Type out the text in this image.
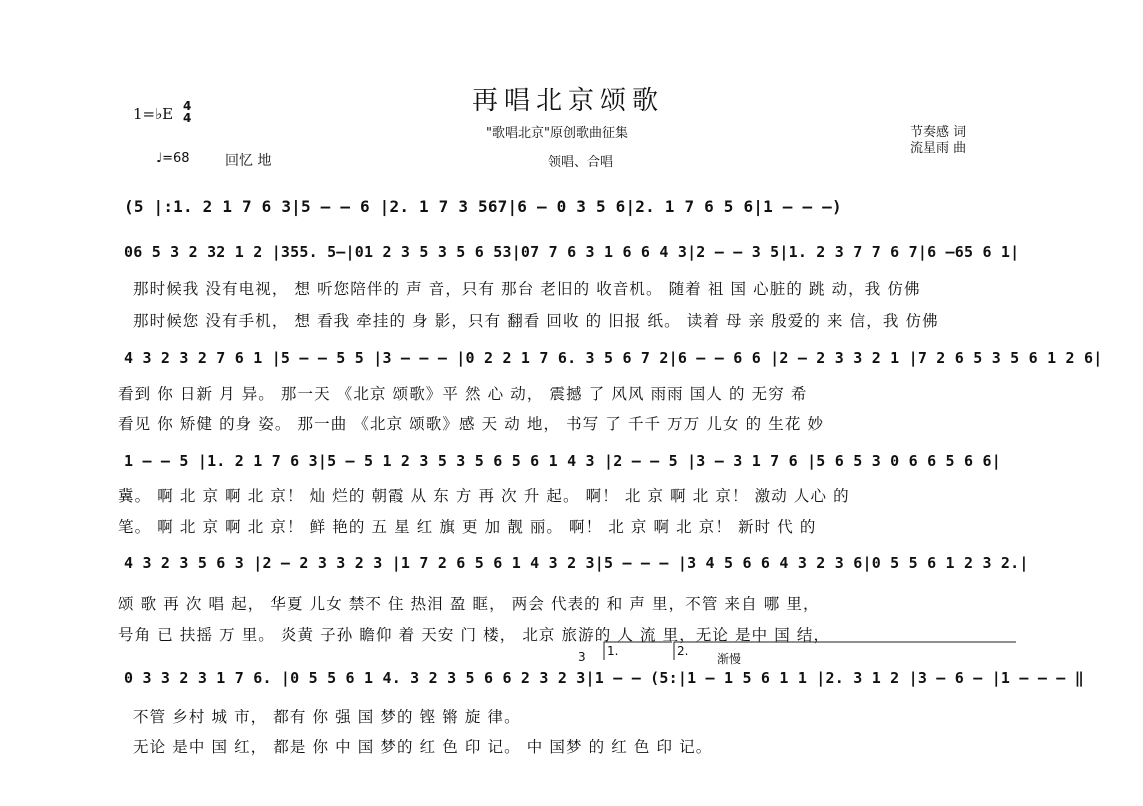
再唱北京颂歌
"歌唱北京"原创歌曲征集
领唱、合唱
1=♭E 4
4
♩=68	回忆 地
节奏感 词
流星雨 曲
(5 |:1. 2 1 7 6 3|5 – – 6 |2. 1 7 3 567|6 – 0 3 5 6|2. 1 7 6 5 6|1 – – –)
06 5 3 2 32 1 2 |355. 5–|01 2 3 5 3 5 6 53|07 7 6 3 1 6 6 4 3|2 – – 3 5|1. 2 3 7 7 6 7|6 –65 6 1|
那时候我 没有电视， 想 听您陪伴的 声 音，只有 那台 老旧的 收音机。 随着 祖 国 心脏的 跳 动，我 仿佛
那时候您 没有手机， 想 看我 牵挂的 身 影，只有 翻看 回收 的 旧报 纸。 读着 母 亲 殷爱的 来 信，我 仿佛
4 3 2 3 2 7 6 1 |5 – – 5 5 |3 – – – |0 2 2 1 7 6. 3 5 6 7 2|6 – – 6 6 |2 – 2 3 3 2 1 |7 2 6 5 3 5 6 1 2 6|
看到 你 日新 月 异。 那一天 《北京 颂歌》平 然 心 动， 震撼 了 风风 雨雨 国人 的 无穷 希
看见 你 矫健 的身 姿。 那一曲 《北京 颂歌》感 天 动 地， 书写 了 千千 万万 儿女 的 生花 妙
1 – – 5 |1. 2 1 7 6 3|5 – 5 1 2 3 5 3 5 6 5 6 1 4 3 |2 – – 5 |3 – 3 1 7 6 |5 6 5 3 0 6 6 5 6 6|
冀。 啊 北 京 啊 北 京！ 灿 烂的 朝霞 从 东 方 再 次 升 起。 啊！ 北 京 啊 北 京！ 激动 人心 的
笔。 啊 北 京 啊 北 京！ 鲜 艳的 五 星 红 旗 更 加 靓 丽。 啊！ 北 京 啊 北 京！ 新时 代 的
4 3 2 3 5 6 3 |2 – 2 3 3 2 3 |1 7 2 6 5 6 1 4 3 2 3|5 – – – |3 4 5 6 6 4 3 2 3 6|0 5 5 6 1 2 3 2.|
颂 歌 再 次 唱 起， 华夏 儿女 禁不 住 热泪 盈 眶， 两会 代表的 和 声 里，不管 来自 哪 里，
号角 已 扶摇 万 里。 炎黄 子孙 瞻仰 着 天安 门 楼， 北京 旅游的 人 流 里，无论 是中 国 结，
1.	2.
渐慢
3
0 3 3 2 3 1 7 6. |0 5 5 6 1 4. 3 2 3 5 6 6 2 3 2 3|1 – – (5:|1 – 1 5 6 1 1 |2. 3 1 2 |3 – 6 – |1 – – – ‖
不管 乡村 城 市， 都有 你 强 国 梦的 铿 锵 旋 律。
无论 是中 国 红， 都是 你 中 国 梦的 红 色 印 记。 中 国梦 的 红 色 印 记。
